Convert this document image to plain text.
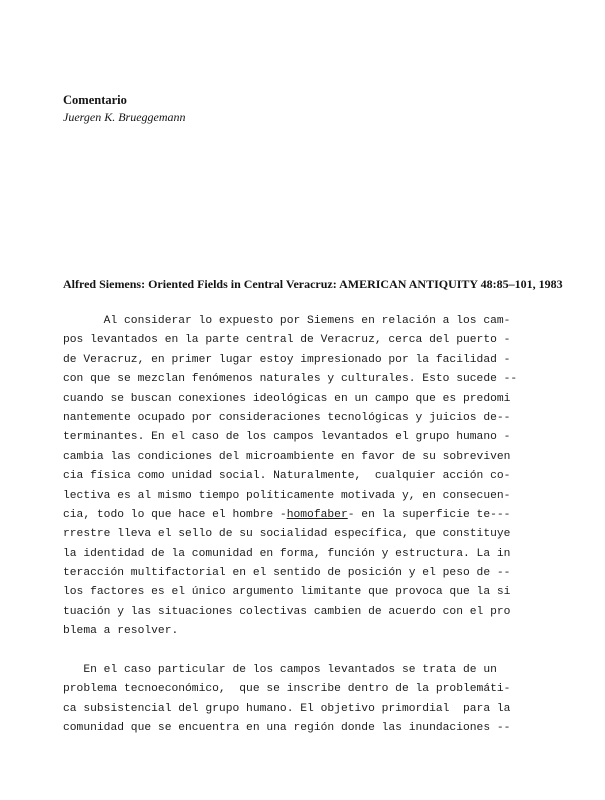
Comentario
Juergen K. Brueggemann
Alfred Siemens: Oriented Fields in Central Veracruz: AMERICAN ANTIQUITY 48:85–101, 1983
Al considerar lo expuesto por Siemens en relación a los cam-
pos levantados en la parte central de Veracruz, cerca del puerto -
de Veracruz, en primer lugar estoy impresionado por la facilidad -
con que se mezclan fenómenos naturales y culturales. Esto sucede --
cuando se buscan conexiones ideológicas en un campo que es predomi
nantemente ocupado por consideraciones tecnológicas y juicios de--
terminantes. En el caso de los campos levantados el grupo humano -
cambia las condiciones del microambiente en favor de su sobreviven
cia física como unidad social. Naturalmente,  cualquier acción co-
lectiva es al mismo tiempo políticamente motivada y, en consecuen-
cia, todo lo que hace el hombre -homofaber- en la superficie te---
rrestre lleva el sello de su socialidad específica, que constituye
la identidad de la comunidad en forma, función y estructura. La in
teracción multifactorial en el sentido de posición y el peso de --
los factores es el único argumento limitante que provoca que la si
tuación y las situaciones colectivas cambien de acuerdo con el pro
blema a resolver.
En el caso particular de los campos levantados se trata de un
problema tecnoeconómico,  que se inscribe dentro de la problemáti-
ca subsistencial del grupo humano. El objetivo primordial  para la
comunidad que se encuentra en una región donde las inundaciones --
